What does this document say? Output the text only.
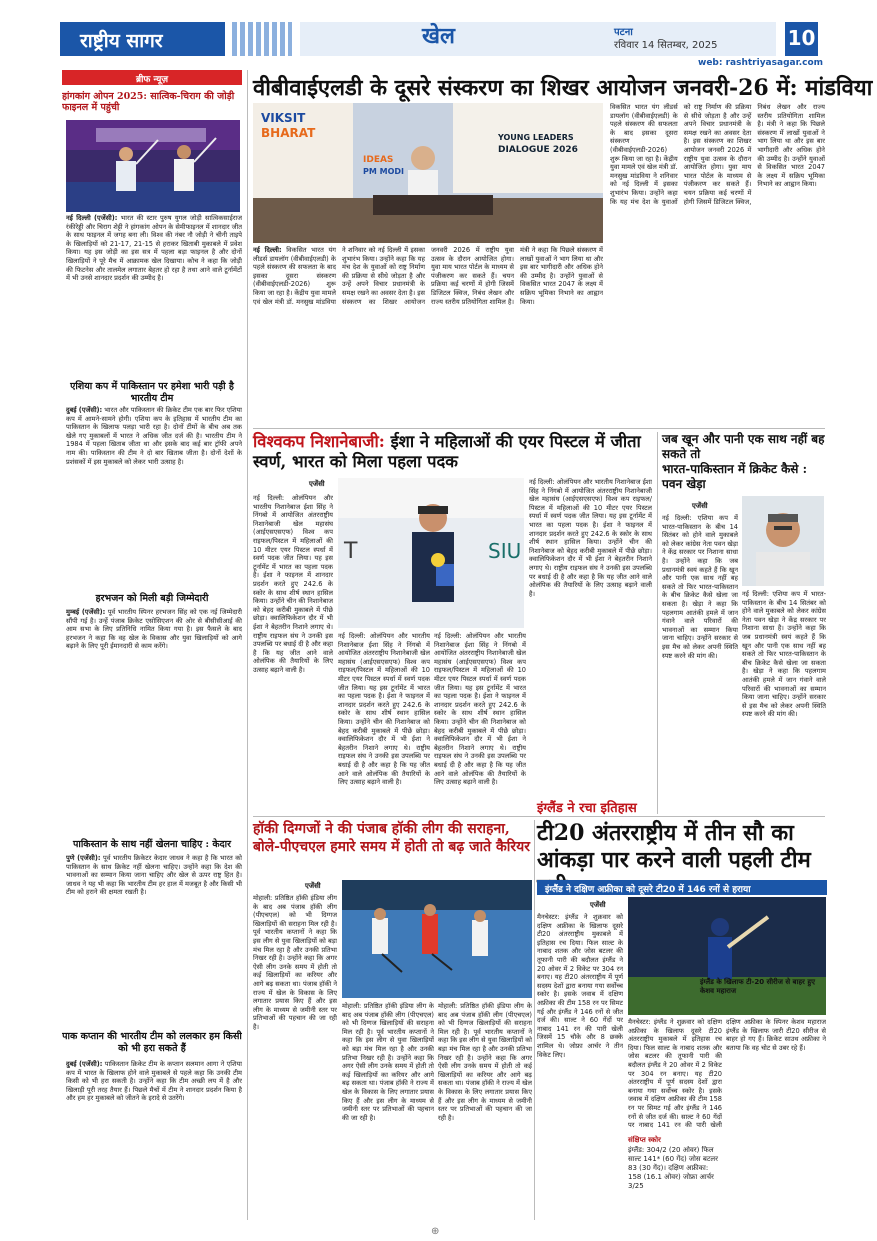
राष्ट्रीय सागर	खेल	पटना
रविवार 14 सितम्बर, 2025	10
web: rashtriyasagar.com
ब्रीफ न्यूज़
हांगकांग ओपन 2025: सात्विक-चिराग की जोड़ी फाइनल में पहुंची
नई दिल्ली (एजेंसी): भारत की स्टार पुरुष युगल जोड़ी सात्विकसाईराज रंकीरेड्डी और चिराग शेट्टी ने हांगकांग ओपन के सेमीफाइनल में शानदार जीत के साथ फाइनल में जगह बना ली। विश्व की नंबर नौ जोड़ी ने चीनी ताइपे के खिलाड़ियों को 21-17, 21-15 से हराकर खिताबी मुकाबले में प्रवेश किया। यह इस जोड़ी का इस सत्र में पहला बड़ा फाइनल है और दोनों खिलाड़ियों ने पूरे मैच में आक्रामक खेल दिखाया। कोच ने कहा कि जोड़ी की फिटनेस और तालमेल लगातार बेहतर हो रहा है तथा आने वाले टूर्नामेंटों में भी उनसे शानदार प्रदर्शन की उम्मीद है।
एशिया कप में पाकिस्तान पर हमेशा भारी पड़ी है भारतीय टीम
दुबई (एजेंसी): भारत और पाकिस्तान की क्रिकेट टीम एक बार फिर एशिया कप में आमने-सामने होगी। एशिया कप के इतिहास में भारतीय टीम का पाकिस्तान के खिलाफ पलड़ा भारी रहा है। दोनों टीमों के बीच अब तक खेले गए मुकाबलों में भारत ने अधिक जीत दर्ज की है। भारतीय टीम ने 1984 में पहला खिताब जीता था और इसके बाद कई बार ट्रॉफी अपने नाम की। पाकिस्तान की टीम ने दो बार खिताब जीता है। दोनों देशों के प्रशंसकों में इस मुकाबले को लेकर भारी उत्साह है।
हरभजन को मिली बड़ी जिम्मेदारी
मुम्बई (एजेंसी): पूर्व भारतीय स्पिनर हरभजन सिंह को एक नई जिम्मेदारी सौंपी गई है। उन्हें पंजाब क्रिकेट एसोसिएशन की ओर से बीसीसीआई की आम सभा के लिए प्रतिनिधि नामित किया गया है। इस फैसले के बाद हरभजन ने कहा कि वह खेल के विकास और युवा खिलाड़ियों को आगे बढ़ाने के लिए पूरी ईमानदारी से काम करेंगे।
पाकिस्तान के साथ नहीं खेलना चाहिए : केदार
पुणे (एजेंसी): पूर्व भारतीय क्रिकेटर केदार जाधव ने कहा है कि भारत को पाकिस्तान के साथ क्रिकेट नहीं खेलना चाहिए। उन्होंने कहा कि देश की भावनाओं का सम्मान किया जाना चाहिए और खेल से ऊपर राष्ट्र हित है। जाधव ने यह भी कहा कि भारतीय टीम हर हाल में मजबूत है और किसी भी टीम को हराने की क्षमता रखती है।
पाक कप्तान की भारतीय टीम को ललकार हम किसी को भी हरा सकते हैं
दुबई (एजेंसी): पाकिस्तान क्रिकेट टीम के कप्तान सलमान आगा ने एशिया कप में भारत के खिलाफ होने वाले मुकाबले से पहले कहा कि उनकी टीम किसी को भी हरा सकती है। उन्होंने कहा कि टीम अच्छी लय में है और खिलाड़ी पूरी तरह तैयार हैं। पिछले मैचों में टीम ने शानदार प्रदर्शन किया है और हम हर मुकाबले को जीतने के इरादे से उतरेंगे।
वीबीवाईएलडी के दूसरे संस्करण का शिखर आयोजन जनवरी-26 में: मांडविया
VIKSIT
BHARAT
IDEAS
PM MODI
YOUNG LEADERS
DIALOGUE 2026
नई दिल्ली: विकसित भारत यंग लीडर्स डायलॉग (वीबीवाईएलडी) के पहले संस्करण की सफलता के बाद इसका दूसरा संस्करण (वीबीवाईएलडी-2026) शुरू किया जा रहा है। केंद्रीय युवा मामले एवं खेल मंत्री डॉ. मनसुख मांडविया ने शनिवार को नई दिल्ली में इसका शुभारंभ किया। उन्होंने कहा कि यह मंच देश के युवाओं को राष्ट्र निर्माण की प्रक्रिया से सीधे जोड़ता है और उन्हें अपने विचार प्रधानमंत्री के समक्ष रखने का अवसर देता है। इस संस्करण का शिखर आयोजन जनवरी 2026 में राष्ट्रीय युवा उत्सव के दौरान आयोजित होगा। युवा माय भारत पोर्टल के माध्यम से पंजीकरण कर सकते हैं। चयन प्रक्रिया कई चरणों में होगी जिसमें डिजिटल क्विज, निबंध लेखन और राज्य स्तरीय प्रतियोगिता शामिल है। मंत्री ने कहा कि पिछले संस्करण में लाखों युवाओं ने भाग लिया था और इस बार भागीदारी और अधिक होने की उम्मीद है। उन्होंने युवाओं से विकसित भारत 2047 के लक्ष्य में सक्रिय भूमिका निभाने का आह्वान किया।
विकसित भारत यंग लीडर्स डायलॉग (वीबीवाईएलडी) के पहले संस्करण की सफलता के बाद इसका दूसरा संस्करण (वीबीवाईएलडी-2026) शुरू किया जा रहा है। केंद्रीय युवा मामले एवं खेल मंत्री डॉ. मनसुख मांडविया ने शनिवार को नई दिल्ली में इसका शुभारंभ किया। उन्होंने कहा कि यह मंच देश के युवाओं को राष्ट्र निर्माण की प्रक्रिया से सीधे जोड़ता है और उन्हें अपने विचार प्रधानमंत्री के समक्ष रखने का अवसर देता है। इस संस्करण का शिखर आयोजन जनवरी 2026 में राष्ट्रीय युवा उत्सव के दौरान आयोजित होगा। युवा माय भारत पोर्टल के माध्यम से पंजीकरण कर सकते हैं। चयन प्रक्रिया कई चरणों में होगी जिसमें डिजिटल क्विज, निबंध लेखन और राज्य स्तरीय प्रतियोगिता शामिल है। मंत्री ने कहा कि पिछले संस्करण में लाखों युवाओं ने भाग लिया था और इस बार भागीदारी और अधिक होने की उम्मीद है। उन्होंने युवाओं से विकसित भारत 2047 के लक्ष्य में सक्रिय भूमिका निभाने का आह्वान किया।
विश्वकप निशानेबाजी: ईशा ने महिलाओं की एयर पिस्टल में जीता स्वर्ण, भारत को मिला पहला पदक
एजेंसी
नई दिल्ली: ओलंपियन और भारतीय निशानेबाज ईशा सिंह ने निंगबो में आयोजित अंतरराष्ट्रीय निशानेबाजी खेल महासंघ (आईएसएसएफ) विश्व कप राइफल/पिस्टल में महिलाओं की 10 मीटर एयर पिस्टल स्पर्धा में स्वर्ण पदक जीत लिया। यह इस टूर्नामेंट में भारत का पहला पदक है। ईशा ने फाइनल में शानदार प्रदर्शन करते हुए 242.6 के स्कोर के साथ शीर्ष स्थान हासिल किया। उन्होंने चीन की निशानेबाज को बेहद करीबी मुकाबले में पीछे छोड़ा। क्वालिफिकेशन दौर में भी ईशा ने बेहतरीन निशाने लगाए थे। राष्ट्रीय राइफल संघ ने उनकी इस उपलब्धि पर बधाई दी है और कहा है कि यह जीत आने वाले ओलंपिक की तैयारियों के लिए उत्साह बढ़ाने वाली है।
T	SIU
नई दिल्ली: ओलंपियन और भारतीय निशानेबाज ईशा सिंह ने निंगबो में आयोजित अंतरराष्ट्रीय निशानेबाजी खेल महासंघ (आईएसएसएफ) विश्व कप राइफल/पिस्टल में महिलाओं की 10 मीटर एयर पिस्टल स्पर्धा में स्वर्ण पदक जीत लिया। यह इस टूर्नामेंट में भारत का पहला पदक है। ईशा ने फाइनल में शानदार प्रदर्शन करते हुए 242.6 के स्कोर के साथ शीर्ष स्थान हासिल किया। उन्होंने चीन की निशानेबाज को बेहद करीबी मुकाबले में पीछे छोड़ा। क्वालिफिकेशन दौर में भी ईशा ने बेहतरीन निशाने लगाए थे। राष्ट्रीय राइफल संघ ने उनकी इस उपलब्धि पर बधाई दी है और कहा है कि यह जीत आने वाले ओलंपिक की तैयारियों के लिए उत्साह बढ़ाने वाली है।
नई दिल्ली: ओलंपियन और भारतीय निशानेबाज ईशा सिंह ने निंगबो में आयोजित अंतरराष्ट्रीय निशानेबाजी खेल महासंघ (आईएसएसएफ) विश्व कप राइफल/पिस्टल में महिलाओं की 10 मीटर एयर पिस्टल स्पर्धा में स्वर्ण पदक जीत लिया। यह इस टूर्नामेंट में भारत का पहला पदक है। ईशा ने फाइनल में शानदार प्रदर्शन करते हुए 242.6 के स्कोर के साथ शीर्ष स्थान हासिल किया। उन्होंने चीन की निशानेबाज को बेहद करीबी मुकाबले में पीछे छोड़ा। क्वालिफिकेशन दौर में भी ईशा ने बेहतरीन निशाने लगाए थे। राष्ट्रीय राइफल संघ ने उनकी इस उपलब्धि पर बधाई दी है और कहा है कि यह जीत आने वाले ओलंपिक की तैयारियों के लिए उत्साह बढ़ाने वाली है।
नई दिल्ली: ओलंपियन और भारतीय निशानेबाज ईशा सिंह ने निंगबो में आयोजित अंतरराष्ट्रीय निशानेबाजी खेल महासंघ (आईएसएसएफ) विश्व कप राइफल/पिस्टल में महिलाओं की 10 मीटर एयर पिस्टल स्पर्धा में स्वर्ण पदक जीत लिया। यह इस टूर्नामेंट में भारत का पहला पदक है। ईशा ने फाइनल में शानदार प्रदर्शन करते हुए 242.6 के स्कोर के साथ शीर्ष स्थान हासिल किया। उन्होंने चीन की निशानेबाज को बेहद करीबी मुकाबले में पीछे छोड़ा। क्वालिफिकेशन दौर में भी ईशा ने बेहतरीन निशाने लगाए थे। राष्ट्रीय राइफल संघ ने उनकी इस उपलब्धि पर बधाई दी है और कहा है कि यह जीत आने वाले ओलंपिक की तैयारियों के लिए उत्साह बढ़ाने वाली है।
जब खून और पानी एक साथ नहीं बह सकते तो
भारत-पाकिस्तान में क्रिकेट कैसे : पवन खेड़ा
एजेंसी
नई दिल्ली: एशिया कप में भारत-पाकिस्तान के बीच 14 सितंबर को होने वाले मुकाबले को लेकर कांग्रेस नेता पवन खेड़ा ने केंद्र सरकार पर निशाना साधा है। उन्होंने कहा कि जब प्रधानमंत्री स्वयं कहते हैं कि खून और पानी एक साथ नहीं बह सकते तो फिर भारत-पाकिस्तान के बीच क्रिकेट कैसे खेला जा सकता है। खेड़ा ने कहा कि पहलगाम आतंकी हमले में जान गंवाने वाले परिवारों की भावनाओं का सम्मान किया जाना चाहिए। उन्होंने सरकार से इस मैच को लेकर अपनी स्थिति स्पष्ट करने की मांग की।
नई दिल्ली: एशिया कप में भारत-पाकिस्तान के बीच 14 सितंबर को होने वाले मुकाबले को लेकर कांग्रेस नेता पवन खेड़ा ने केंद्र सरकार पर निशाना साधा है। उन्होंने कहा कि जब प्रधानमंत्री स्वयं कहते हैं कि खून और पानी एक साथ नहीं बह सकते तो फिर भारत-पाकिस्तान के बीच क्रिकेट कैसे खेला जा सकता है। खेड़ा ने कहा कि पहलगाम आतंकी हमले में जान गंवाने वाले परिवारों की भावनाओं का सम्मान किया जाना चाहिए। उन्होंने सरकार से इस मैच को लेकर अपनी स्थिति स्पष्ट करने की मांग की।
हॉकी दिग्गजों ने की पंजाब हॉकी लीग की सराहना, बोले-पीएचएल हमारे समय में होती तो बढ़ जाते कैरियर
एजेंसी
मोहाली: प्रतिष्ठित हॉकी इंडिया लीग के बाद अब पंजाब हॉकी लीग (पीएचएल) को भी दिग्गज खिलाड़ियों की सराहना मिल रही है। पूर्व भारतीय कप्तानों ने कहा कि इस लीग से युवा खिलाड़ियों को बड़ा मंच मिल रहा है और उनकी प्रतिभा निखर रही है। उन्होंने कहा कि अगर ऐसी लीग उनके समय में होती तो कई खिलाड़ियों का करियर और आगे बढ़ सकता था। पंजाब हॉकी ने राज्य में खेल के विकास के लिए लगातार प्रयास किए हैं और इस लीग के माध्यम से जमीनी स्तर पर प्रतिभाओं की पहचान की जा रही है।
मोहाली: प्रतिष्ठित हॉकी इंडिया लीग के बाद अब पंजाब हॉकी लीग (पीएचएल) को भी दिग्गज खिलाड़ियों की सराहना मिल रही है। पूर्व भारतीय कप्तानों ने कहा कि इस लीग से युवा खिलाड़ियों को बड़ा मंच मिल रहा है और उनकी प्रतिभा निखर रही है। उन्होंने कहा कि अगर ऐसी लीग उनके समय में होती तो कई खिलाड़ियों का करियर और आगे बढ़ सकता था। पंजाब हॉकी ने राज्य में खेल के विकास के लिए लगातार प्रयास किए हैं और इस लीग के माध्यम से जमीनी स्तर पर प्रतिभाओं की पहचान की जा रही है।
मोहाली: प्रतिष्ठित हॉकी इंडिया लीग के बाद अब पंजाब हॉकी लीग (पीएचएल) को भी दिग्गज खिलाड़ियों की सराहना मिल रही है। पूर्व भारतीय कप्तानों ने कहा कि इस लीग से युवा खिलाड़ियों को बड़ा मंच मिल रहा है और उनकी प्रतिभा निखर रही है। उन्होंने कहा कि अगर ऐसी लीग उनके समय में होती तो कई खिलाड़ियों का करियर और आगे बढ़ सकता था। पंजाब हॉकी ने राज्य में खेल के विकास के लिए लगातार प्रयास किए हैं और इस लीग के माध्यम से जमीनी स्तर पर प्रतिभाओं की पहचान की जा रही है।
इंग्लैंड ने रचा इतिहास
टी20 अंतरराष्ट्रीय में तीन सौ का आंकड़ा पार करने वाली पहली टीम
इंग्लैंड ने दक्षिण अफ्रीका को दूसरे टी20 में 146 रनों से हराया
एजेंसी
मैनचेस्टर: इंग्लैंड ने शुक्रवार को दक्षिण अफ्रीका के खिलाफ दूसरे टी20 अंतरराष्ट्रीय मुकाबले में इतिहास रच दिया। फिल साल्ट के नाबाद शतक और जोस बटलर की तूफानी पारी की बदौलत इंग्लैंड ने 20 ओवर में 2 विकेट पर 304 रन बनाए। यह टी20 अंतरराष्ट्रीय में पूर्ण सदस्य देशों द्वारा बनाया गया सर्वोच्च स्कोर है। इसके जवाब में दक्षिण अफ्रीका की टीम 158 रन पर सिमट गई और इंग्लैंड ने 146 रनों से जीत दर्ज की। साल्ट ने 60 गेंदों पर नाबाद 141 रन की पारी खेली जिसमें 15 चौके और 8 छक्के शामिल थे। जोफ्रा आर्चर ने तीन विकेट लिए।
इंग्लैंड के खिलाफ टी-20 सीरीज से बाहर हुए केशव महाराज
मैनचेस्टर: इंग्लैंड ने शुक्रवार को दक्षिण अफ्रीका के खिलाफ दूसरे टी20 अंतरराष्ट्रीय मुकाबले में इतिहास रच दिया। फिल साल्ट के नाबाद शतक और जोस बटलर की तूफानी पारी की बदौलत इंग्लैंड ने 20 ओवर में 2 विकेट पर 304 रन बनाए। यह टी20 अंतरराष्ट्रीय में पूर्ण सदस्य देशों द्वारा बनाया गया सर्वोच्च स्कोर है। इसके जवाब में दक्षिण अफ्रीका की टीम 158 रन पर सिमट गई और इंग्लैंड ने 146 रनों से जीत दर्ज की। साल्ट ने 60 गेंदों पर नाबाद 141 रन की पारी खेली
दक्षिण अफ्रीका के स्पिनर केशव महाराज इंग्लैंड के खिलाफ जारी टी20 सीरीज से बाहर हो गए हैं। क्रिकेट साउथ अफ्रीका ने बताया कि वह चोट से उबर रहे हैं।
संक्षिप्त स्कोर
इंग्लैंड: 304/2 (20 ओवर) फिल साल्ट 141* (60 गेंद) जोस बटलर 83 (30 गेंद)। दक्षिण अफ्रीका: 158 (16.1 ओवर) जोफ्रा आर्चर 3/25
⊕
